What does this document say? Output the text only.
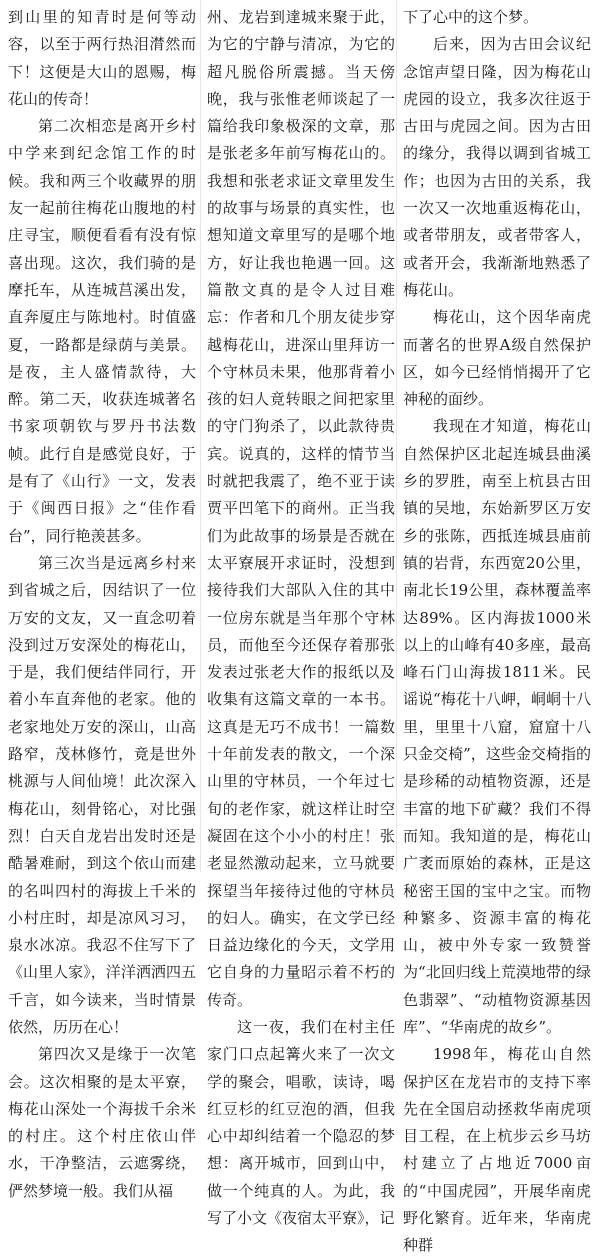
到山里的知青时是何等动容，以至于两行热泪潸然而下！这便是大山的恩赐，梅花山的传奇！

第二次相恋是离开乡村中学来到纪念馆工作的时候。我和两三个收藏界的朋友一起前往梅花山腹地的村庄寻宝，顺便看看有没有惊喜出现。这次，我们骑的是摩托车，从连城莒溪出发，直奔厦庄与陈地村。时值盛夏，一路都是绿荫与美景。是夜，主人盛情款待，大醉。第二天，收获连城著名书家项朝钦与罗丹书法数帧。此行自是感觉良好，于是有了《山行》一文，发表于《闽西日报》之“佳作看台”，同行艳羡甚多。

第三次当是远离乡村来到省城之后，因结识了一位万安的文友，又一直念叨着没到过万安深处的梅花山，于是，我们便结伴同行，开着小车直奔他的老家。他的老家地处万安的深山，山高路窄，茂林修竹，竟是世外桃源与人间仙境！此次深入梅花山，刻骨铭心，对比强烈！白天自龙岩出发时还是酷暑难耐，到这个依山而建的名叫四村的海拔上千米的小村庄时，却是凉风习习，泉水冰凉。我忍不住写下了《山里人家》，洋洋洒洒四五千言，如今读来，当时情景依然，历历在心！

第四次又是缘于一次笔会。这次相聚的是太平寮，梅花山深处一个海拔千余米的村庄。这个村庄依山伴水，干净整洁，云遮雾绕，俨然梦境一般。我们从福

州、龙岩到達城来聚于此，为它的宁静与清凉，为它的超凡脱俗所震撼。当天傍晚，我与张惟老师谈起了一篇给我印象极深的文章，那是张老多年前写梅花山的。我想和张老求证文章里发生的故事与场景的真实性，也想知道文章里写的是哪个地方，好让我也艳遇一回。这篇散文真的是令人过目难忘：作者和几个朋友徒步穿越梅花山，进深山里拜访一个守林员未果，他那背着小孩的妇人竟转眼之间把家里的守门狗杀了，以此款待贵宾。说真的，这样的情节当时就把我震了，绝不亚于读贾平凹笔下的商州。正当我们为此故事的场景是否就在太平寮展开求证时，没想到接待我们大部队入住的其中一位房东就是当年那个守林员，而他至今还保存着那张发表过张老大作的报纸以及收集有这篇文章的一本书。这真是无巧不成书！一篇数十年前发表的散文，一个深山里的守林员，一个年过七旬的老作家，就这样让时空凝固在这个小小的村庄！张老显然激动起来，立马就要探望当年接待过他的守林员的妇人。确实，在文学已经日益边缘化的今天，文学用它自身的力量昭示着不朽的传奇。

这一夜，我们在村主任家门口点起篝火来了一次文学的聚会，唱歌，读诗，喝红豆杉的红豆泡的酒，但我心中却纠结着一个隐忍的梦想：离开城市，回到山中，做一个纯真的人。为此，我写了小文《夜宿太平寮》，记

下了心中的这个梦。

后来，因为古田会议纪念馆声望日隆，因为梅花山虎园的设立，我多次往返于古田与虎园之间。因为古田的缘分，我得以调到省城工作；也因为古田的关系，我一次又一次地重返梅花山，或者带朋友，或者带客人，或者开会，我渐渐地熟悉了梅花山。

梅花山，这个因华南虎而著名的世界A级自然保护区，如今已经悄悄揭开了它神秘的面纱。

我现在才知道，梅花山自然保护区北起连城县曲溪乡的罗胜，南至上杭县古田镇的吴地，东始新罗区万安乡的张陈，西抵连城县庙前镇的岩背，东西宽20公里，南北长19公里，森林覆盖率达89%。区内海拔1000米以上的山峰有40多座，最高峰石门山海拔1811米。民谣说“梅花十八岬，峒峒十八里，里里十八窟，窟窟十八只金交椅”，这些金交椅指的是珍稀的动植物资源，还是丰富的地下矿藏？我们不得而知。我知道的是，梅花山广袤而原始的森林，正是这秘密王国的宝中之宝。而物种繁多、资源丰富的梅花山，被中外专家一致赞誉为“北回归线上荒漠地带的绿色翡翠”、“动植物资源基因库”、“华南虎的故乡”。

1998年，梅花山自然保护区在龙岩市的支持下率先在全国启动拯救华南虎项目工程，在上杭步云乡马坊村建立了占地近7000亩的“中国虎园”，开展华南虎野化繁育。近年来，华南虎种群
